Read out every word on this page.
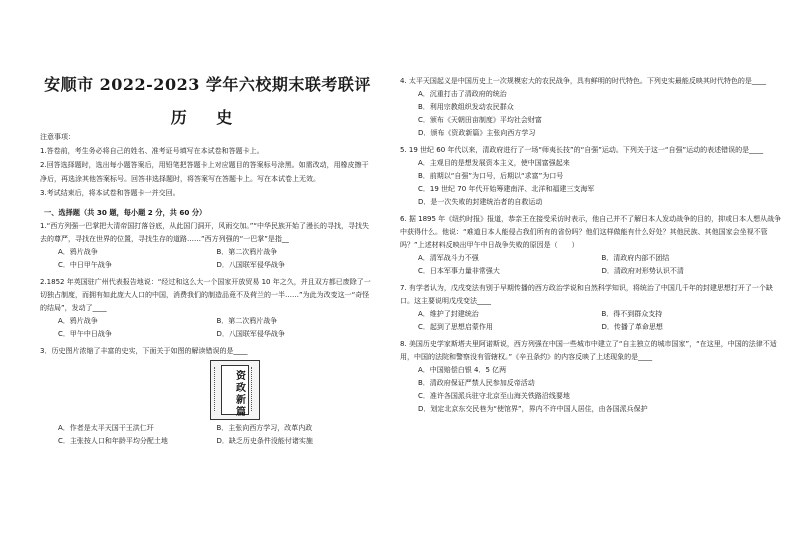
安顺市 2022-2023 学年六校期末联考联评
历 史
注意事项：

1.答卷前，考生务必将自己的姓名、准考证号填写在本试卷和答题卡上。

2.回答选择题时，选出每小题答案后，用铅笔把答题卡上对应题目的答案标号涂黑。如需改动，用橡皮擦干净后，再选涂其他答案标号。回答非选择题时，将答案写在答题卡上。写在本试卷上无效。

3.考试结束后，将本试卷和答题卡一并交回。

一、选择题（共 30 题，每小题 2 分，共 60 分）

1.“西方列强一巴掌把大清帝国打落谷底，从此国门洞开，风雨交加。”“中华民族开始了漫长的寻找，寻找失去的尊严，寻找在世界的位置，寻找生存的道路……”西方列强的“一巴掌”是指__

A．鸦片战争	B．第二次鸦片战争
C．中日甲午战争	D．八国联军侵华战争

2.1852 年英国驻广州代表报告地说：“经过和这么大一个国家开放贸易 10 年之久，并且双方都已废除了一切独占制度，而拥有如此庞大人口的中国，消费我们的制造品竟不及荷兰的一半……”为此为改变这一“奇怪的结局”，发动了____

A．鸦片战争	B．第二次鸦片战争
C．甲午中日战争	D．八国联军侵华战争

3．历史图片浓缩了丰富的史实，下面关于如图的解读错误的是____

资
政
新
篇
A．作者是太平天国干王洪仁玕	B．主张向西方学习，改革内政
C．主张按人口和年龄平均分配土地	D．缺乏历史条件没能付诸实施

4. 太平天国起义是中国历史上一次规模宏大的农民战争，具有鲜明的时代特色。下列史实最能反映其时代特色的是____

A．沉重打击了清政府的统治
B．利用宗教组织发动农民群众
C．颁布《天朝田亩制度》平均社会财富
D．颁布《资政新篇》主张向西方学习

5. 19 世纪 60 年代以来，清政府进行了一场“师夷长技”的“自强”运动。下列关于这一“自强”运动的表述错误的是____

A．主观目的是想发展资本主义，使中国富强起来
B．前期以“自强”为口号，后期以“求富”为口号
C．19 世纪 70 年代开始筹建南洋、北洋和福建三支海军
D．是一次失败的封建统治者的自救运动

6. 据 1895 年《纽约时报》报道，恭亲王在接受采访时表示，他自己并不了解日本人发动战争的目的，抑或日本人想从战争中获得什么。他说：“难道日本人能侵占我们所有的省份吗？他们这样做能有什么好处？其他民族、其他国家会坐视不管吗？”上述材料反映出甲午中日战争失败的原因是（　　）

A．清军战斗力不强	B．清政府内部不团结
C．日本军事力量非常强大	D．清政府对形势认识不清

7. 有学者认为，戊戌变法有别于早期传播的西方政治学说和自然科学知识，将统治了中国几千年的封建思想打开了一个缺口。这主要说明戊戌变法____

A．维护了封建统治	B．得不到群众支持
C．起到了思想启蒙作用	D．传播了革命思想

8. 美国历史学家斯塔夫里阿诺斯说，西方列强在中国一些城市中建立了“自主独立的城市国家”，“在这里，中国的法律不适用，中国的法院和警察没有管辖权。”《辛丑条约》的内容反映了上述现象的是____

A．中国赔偿白银 4．5 亿两
B．清政府保证严禁人民参加反帝活动
C．准许各国派兵驻守北京至山海关铁路沿线要地
D．划定北京东交民巷为“使馆界”，界内不许中国人居住，由各国派兵保护
